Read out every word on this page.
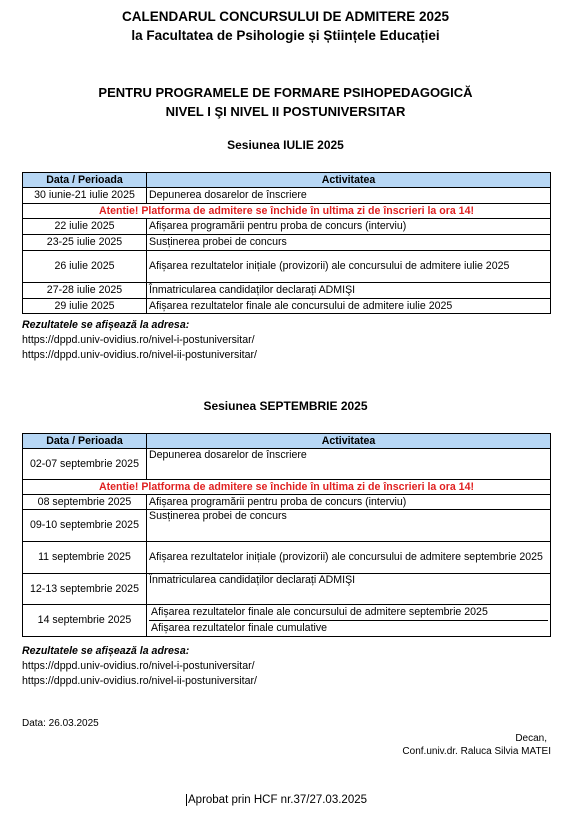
CALENDARUL CONCURSULUI DE ADMITERE 2025
la Facultatea de Psihologie și Științele Educației
PENTRU PROGRAMELE DE FORMARE PSIHOPEDAGOGICĂ
NIVEL I ŞI NIVEL II POSTUNIVERSITAR
Sesiunea IULIE 2025
Data / Perioada	Activitatea
30 iunie-21 iulie 2025	Depunerea dosarelor de înscriere
Atentie! Platforma de admitere se închide în ultima zi de înscrieri la ora 14!	
22 iulie 2025	Afișarea programării pentru proba de concurs (interviu)
23-25 iulie 2025	Susținerea probei de concurs
26 iulie 2025	Afișarea rezultatelor inițiale (provizorii) ale concursului de admitere iulie 2025
27-28 iulie 2025	Înmatricularea candidaților declarați ADMIŞI
29 iulie 2025	Afișarea rezultatelor finale ale concursului de admitere iulie 2025
Rezultatele se afișează la adresa:
https://dppd.univ-ovidius.ro/nivel-i-postuniversitar/
https://dppd.univ-ovidius.ro/nivel-ii-postuniversitar/
Sesiunea SEPTEMBRIE 2025
Data / Perioada	Activitatea
02-07 septembrie 2025	Depunerea dosarelor de înscriere
Atentie! Platforma de admitere se închide în ultima zi de înscrieri la ora 14!	
08 septembrie 2025	Afișarea programării pentru proba de concurs (interviu)
09-10 septembrie 2025	Susținerea probei de concurs
11 septembrie 2025	Afișarea rezultatelor inițiale (provizorii) ale concursului de admitere septembrie 2025
12-13 septembrie 2025	Înmatricularea candidaților declarați ADMIŞI
14 septembrie 2025	Afișarea rezultatelor finale ale concursului de admitere septembrie 2025
Afișarea rezultatelor finale cumulative
Rezultatele se afișează la adresa:
https://dppd.univ-ovidius.ro/nivel-i-postuniversitar/
https://dppd.univ-ovidius.ro/nivel-ii-postuniversitar/
Data: 26.03.2025
Decan,
Conf.univ.dr. Raluca Silvia MATEI
Aprobat prin HCF nr.37/27.03.2025
